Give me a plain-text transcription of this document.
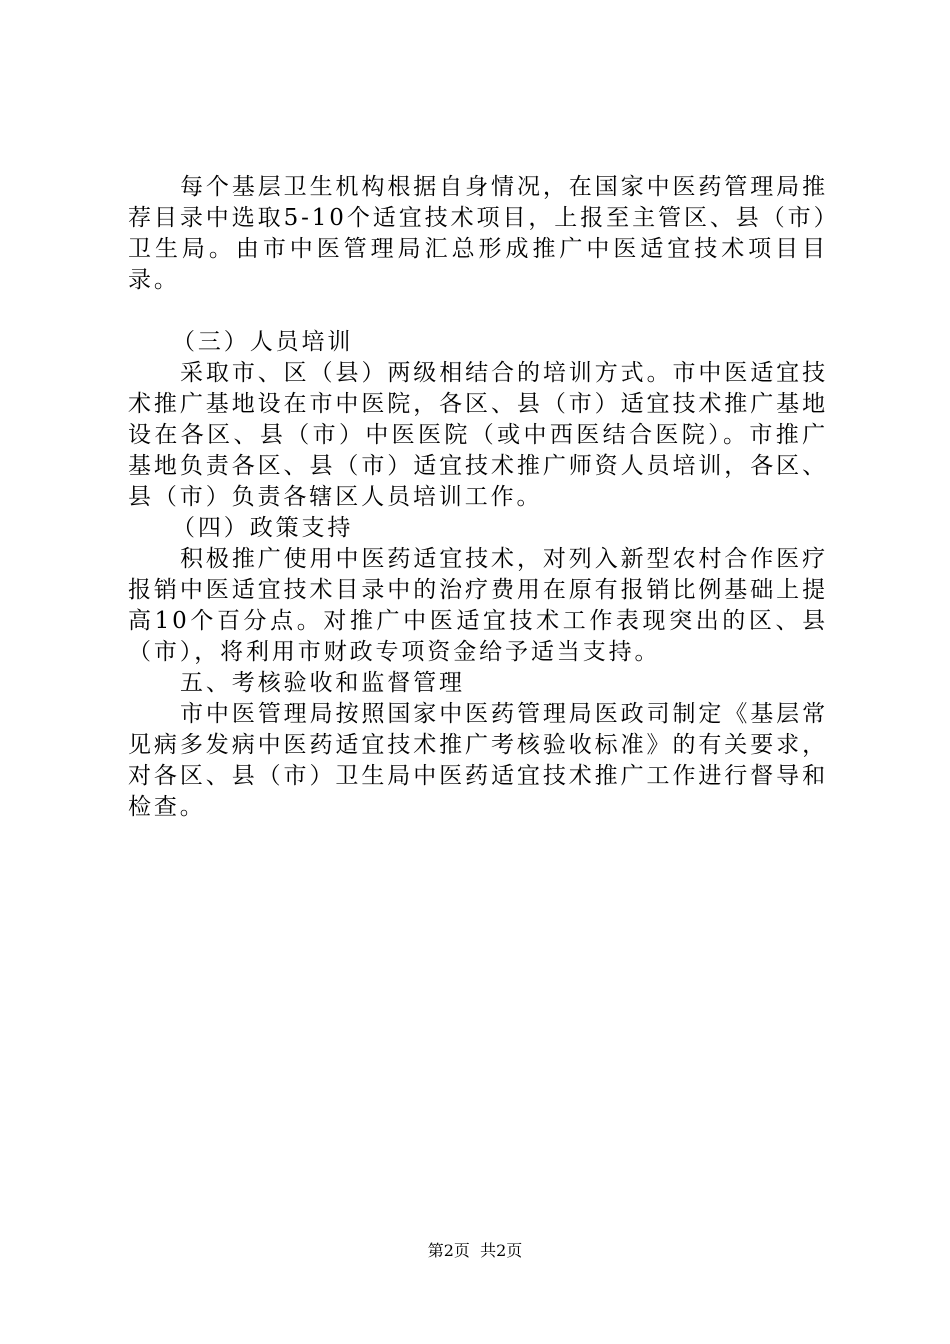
每个基层卫生机构根据自身情况，在国家中医药管理局推荐目录中选取5-10个适宜技术项目，上报至主管区、县（市）卫生局。由市中医管理局汇总形成推广中医适宜技术项目目录。

（三）人员培训

采取市、区（县）两级相结合的培训方式。市中医适宜技术推广基地设在市中医院，各区、县（市）适宜技术推广基地设在各区、县（市）中医医院（或中西医结合医院）。市推广基地负责各区、县（市）适宜技术推广师资人员培训，各区、县（市）负责各辖区人员培训工作。

（四）政策支持

积极推广使用中医药适宜技术，对列入新型农村合作医疗报销中医适宜技术目录中的治疗费用在原有报销比例基础上提高10个百分点。对推广中医适宜技术工作表现突出的区、县（市），将利用市财政专项资金给予适当支持。

五、考核验收和监督管理

市中医管理局按照国家中医药管理局医政司制定《基层常见病多发病中医药适宜技术推广考核验收标准》的有关要求，对各区、县（市）卫生局中医药适宜技术推广工作进行督导和检查。

第2页  共2页
